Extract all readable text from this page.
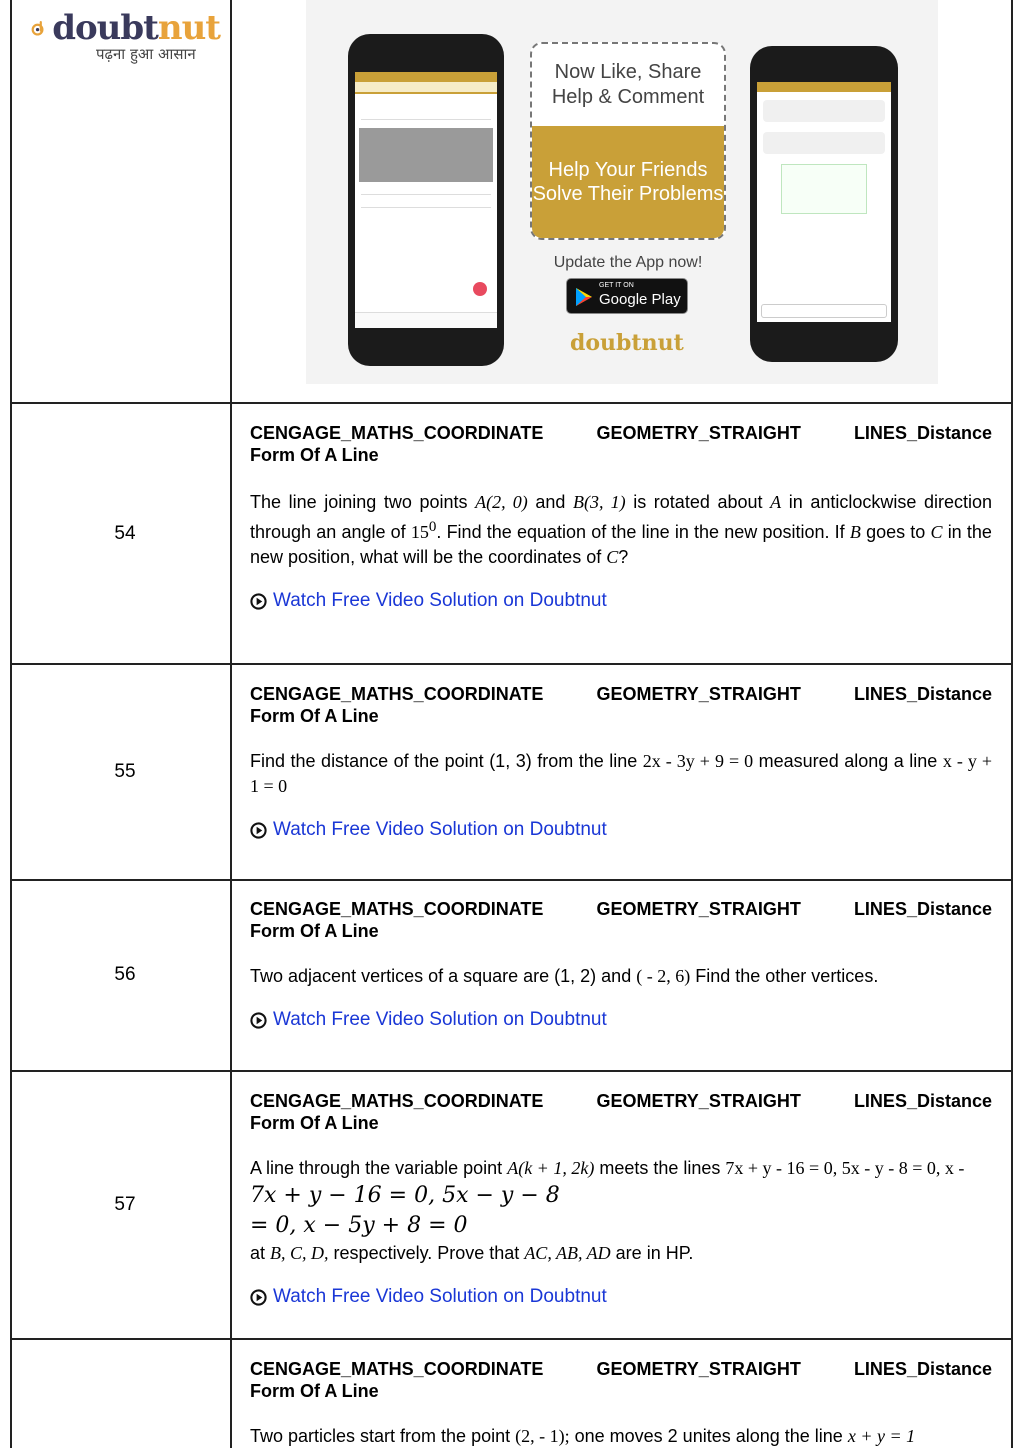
doubtnut
पढ़ना हुआ आसान
Now Like, Share Help & Comment
Help Your Friends Solve Their Problems
Update the App now!
GET IT ON
Google Play
doubtnut
54
CENGAGE_MATHS_COORDINATE	GEOMETRY_STRAIGHT	LINES_Distance
Form Of A Line
The line joining two points A(2, 0) and B(3, 1) is rotated about A in anticlockwise direction through an angle of $15^0$. Find the equation of the line in the new position. If B goes to C in the new position, what will be the coordinates of C?
Watch Free Video Solution on Doubtnut
55
CENGAGE_MATHS_COORDINATE	GEOMETRY_STRAIGHT	LINES_Distance
Form Of A Line
Find the distance of the point (1, 3) from the line 2x - 3y + 9 = 0 measured along a line x - y + 1 = 0
Watch Free Video Solution on Doubtnut
56
CENGAGE_MATHS_COORDINATE	GEOMETRY_STRAIGHT	LINES_Distance
Form Of A Line
Two adjacent vertices of a square are (1, 2) and ( - 2, 6) Find the other vertices.
Watch Free Video Solution on Doubtnut
57
CENGAGE_MATHS_COORDINATE	GEOMETRY_STRAIGHT	LINES_Distance
Form Of A Line
A line through the variable point A(k + 1, 2k) meets the lines 7x + y - 16 = 0, 5x - y - 8 = 0, x -
7x + y − 16 = 0, 5x − y − 8
= 0, x − 5y + 8 = 0
at B, C, D, respectively. Prove that AC, AB, AD are in HP.
Watch Free Video Solution on Doubtnut
CENGAGE_MATHS_COORDINATE	GEOMETRY_STRAIGHT	LINES_Distance
Form Of A Line
Two particles start from the point (2, - 1); one moves 2 unites along the line x + y = 1
